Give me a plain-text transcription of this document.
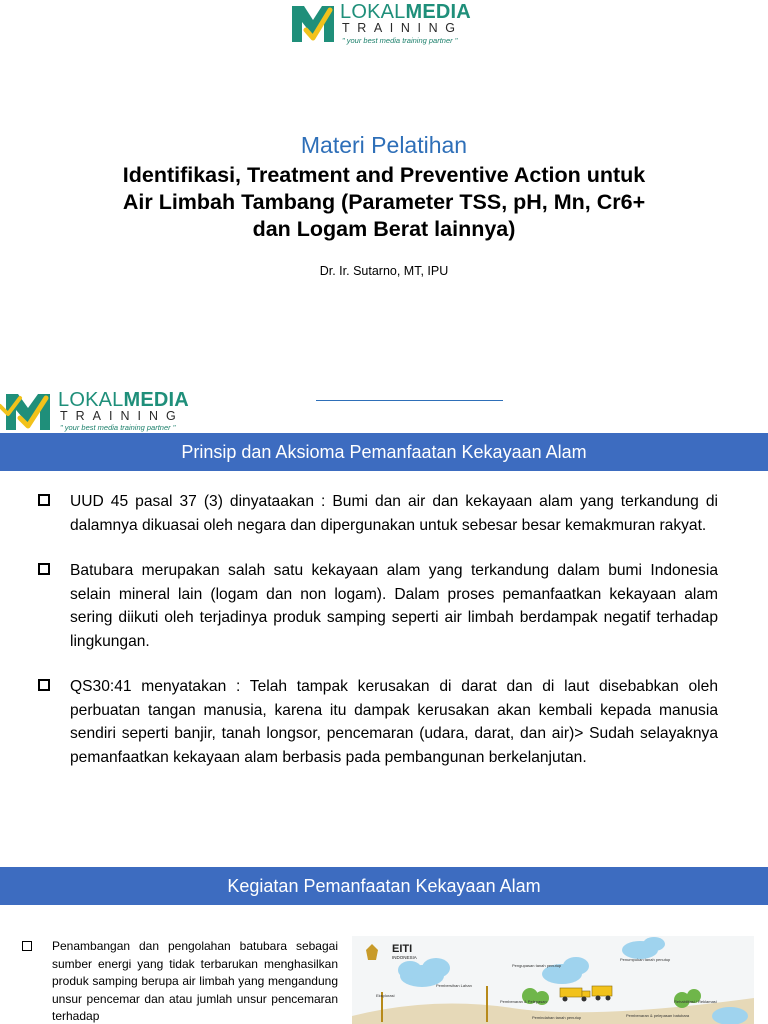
LOKALMEDIA
TRAINING
" your best media training partner "
Materi Pelatihan
Identifikasi, Treatment and Preventive Action untuk
Air Limbah Tambang (Parameter TSS, pH, Mn, Cr6+
dan Logam Berat lainnya)
Dr. Ir. Sutarno, MT, IPU
LOKALMEDIA
TRAINING
" your best media training partner "
Prinsip dan Aksioma Pemanfaatan Kekayaan Alam
UUD 45 pasal 37 (3) dinyataakan : Bumi dan air dan kekayaan alam yang terkandung di dalamnya dikuasai oleh negara dan dipergunakan untuk sebesar besar kemakmuran rakyat.
Batubara merupakan salah satu kekayaan alam yang terkandung dalam bumi Indonesia selain mineral lain (logam dan non logam). Dalam proses pemanfaatkan kekayaan alam sering diikuti oleh terjadinya produk samping seperti air limbah berdampak negatif terhadap lingkungan.
QS30:41 menyatakan : Telah tampak kerusakan di darat dan di laut disebabkan oleh perbuatan tangan manusia, karena itu dampak kerusakan akan kembali kepada manusia sendiri seperti banjir, tanah longsor, pencemaran (udara, darat, dan air)> Sudah selayaknya pemanfaatkan kekayaan alam berbasis pada pembangunan berkelanjutan.
Kegiatan Pemanfaatan Kekayaan Alam
Penambangan dan pengolahan batubara sebagai sumber energi yang tidak terbarukan menghasilkan produk samping berupa air limbah yang mengandung unsur pencemar dan atau jumlah unsur pencemaran terhadap
EITI
INDONESIA
Eksplorasi
Pembersihan Lahan
Pembenaran & Pelepasan
Pengupasan tanah penutup
Pemindahan tanah penutup
Penumpukan tanah penutup
Rehabilitasi / Reklamasi
Pembenaran & pelepasan batubara
